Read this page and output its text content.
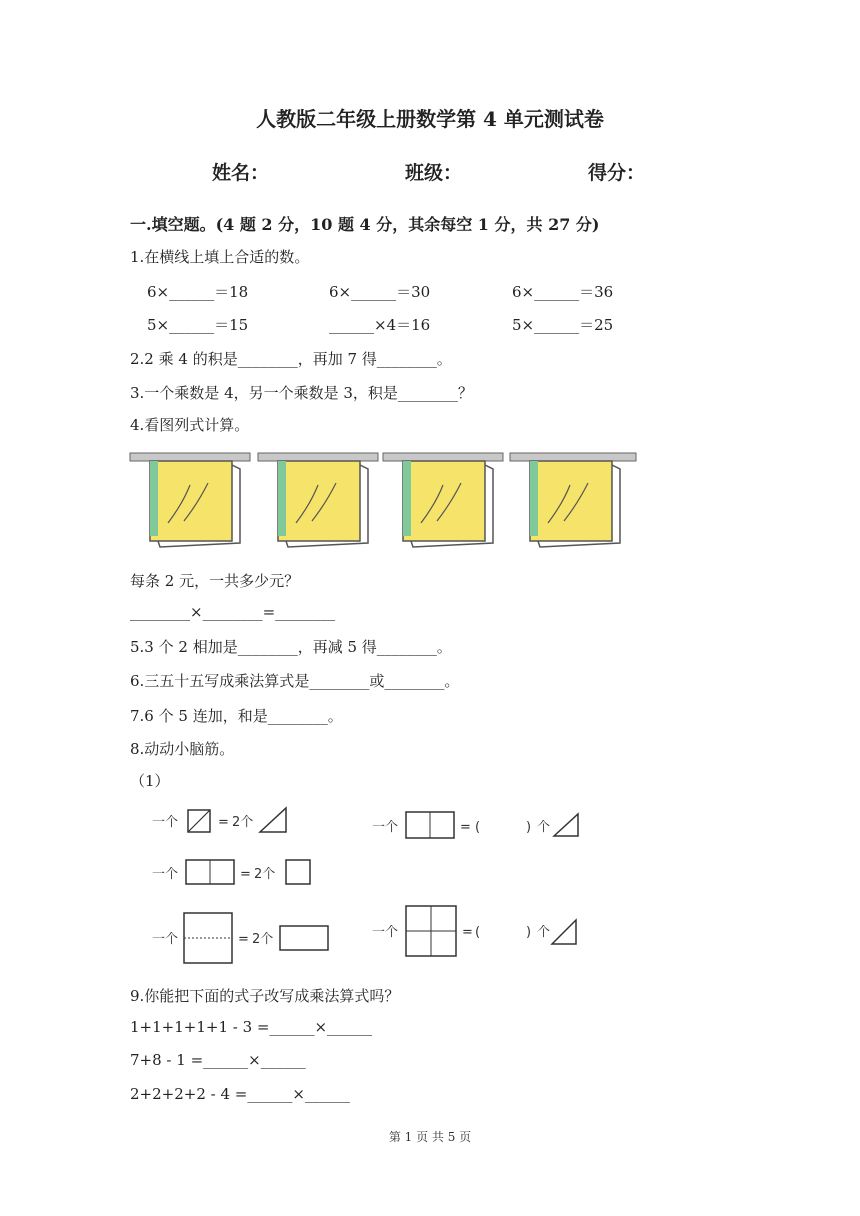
人教版二年级上册数学第 4 单元测试卷
姓名：	班级：	得分：
一.填空题。(4 题 2 分，10 题 4 分，其余每空 1 分，共 27 分)
1.在横线上填上合适的数。
6×______＝18	6×______＝30	6×______＝36
5×______＝15	______×4＝16	5×______＝25
2.2 乘 4 的积是________，再加 7 得________。
3.一个乘数是 4，另一个乘数是 3，积是________？
4.看图列式计算。
每条 2 元，一共多少元？
________×________=________
5.3 个 2 相加是________，再减 5 得________。
6.三五十五写成乘法算式是________或________。
7.6 个 5 连加，和是________。
8.动动小脑筋。
（1）
一个	= 2个	一个	= (	) 个
一个	= 2个
一个	= 2个	一个	= (	) 个
9.你能把下面的式子改写成乘法算式吗？
1+1+1+1+1 - 3 =______×______
7+8 - 1 =______×______
2+2+2+2 - 4 =______×______
第 1 页 共 5 页
